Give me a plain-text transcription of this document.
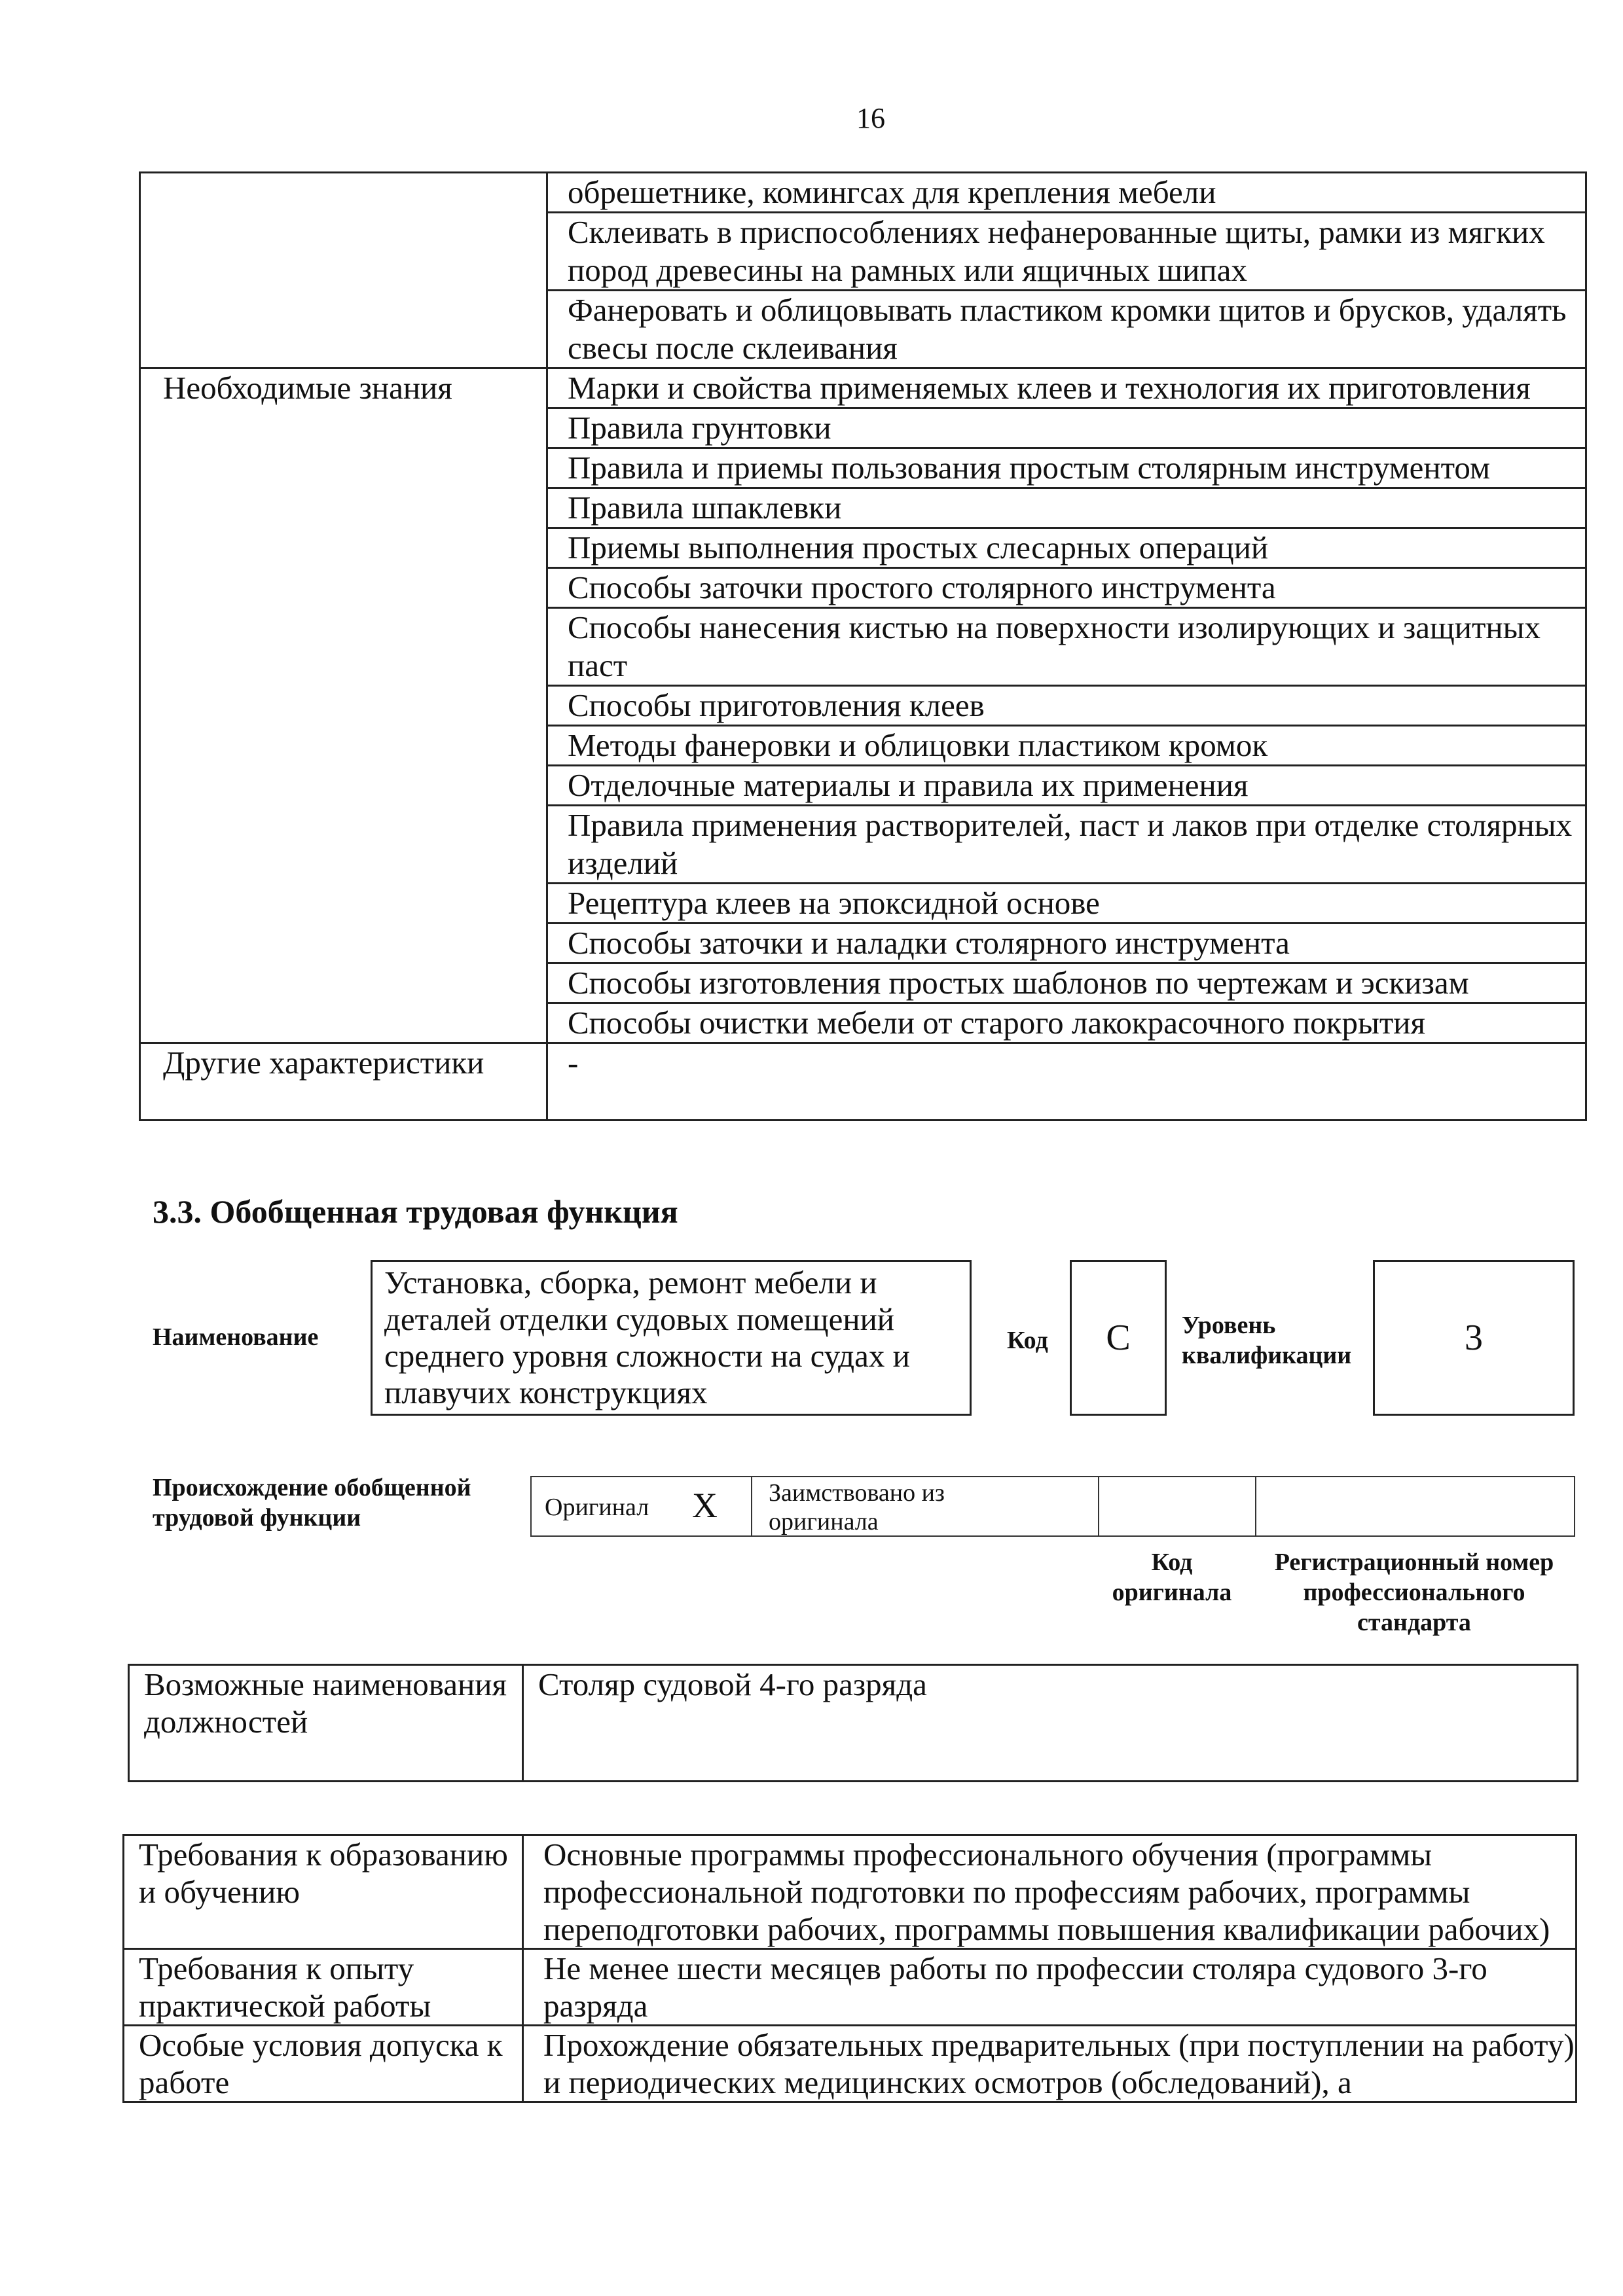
16
	обрешетнике, комингсах для крепления мебели
	Склеивать в приспособлениях нефанерованные щиты, рамки из мягких пород древесины на рамных или ящичных шипах
	Фанеровать и облицовывать пластиком кромки щитов и брусков, удалять свесы после склеивания
Необходимые знания	Марки и свойства применяемых клеев и технология их приготовления
	Правила грунтовки
	Правила и приемы пользования простым столярным инструментом
	Правила шпаклевки
	Приемы выполнения простых слесарных операций
	Способы заточки простого столярного инструмента
	Способы нанесения кистью на поверхности изолирующих и защитных паст
	Способы приготовления клеев
	Методы фанеровки и облицовки пластиком кромок
	Отделочные материалы и правила их применения
	Правила применения растворителей, паст и лаков при отделке столярных изделий
	Рецептура клеев на эпоксидной основе
	Способы заточки и наладки столярного инструмента
	Способы изготовления простых шаблонов по чертежам и эскизам
	Способы очистки мебели от старого лакокрасочного покрытия
Другие характеристики	-
3.3. Обобщенная трудовая функция
Наименование
Установка, сборка, ремонт мебели и деталей отделки судовых помещений среднего уровня сложности на судах и плавучих конструкциях
Код	C	Уровень квалификации	3
Происхождение обобщенной трудовой функции	Оригинал X Заимствовано из оригинала
Код оригинала
Регистрационный номер профессионального стандарта
Возможные наименования должностей	Столяр судовой 4-го разряда
Требования к образованию и обучению	Основные программы профессионального обучения (программы профессиональной подготовки по профессиям рабочих, программы переподготовки рабочих, программы повышения квалификации рабочих)
Требования к опыту практической работы	Не менее шести месяцев работы по профессии столяра судового 3-го разряда
Особые условия допуска к работе	Прохождение обязательных предварительных (при поступлении на работу) и периодических медицинских осмотров (обследований), а
